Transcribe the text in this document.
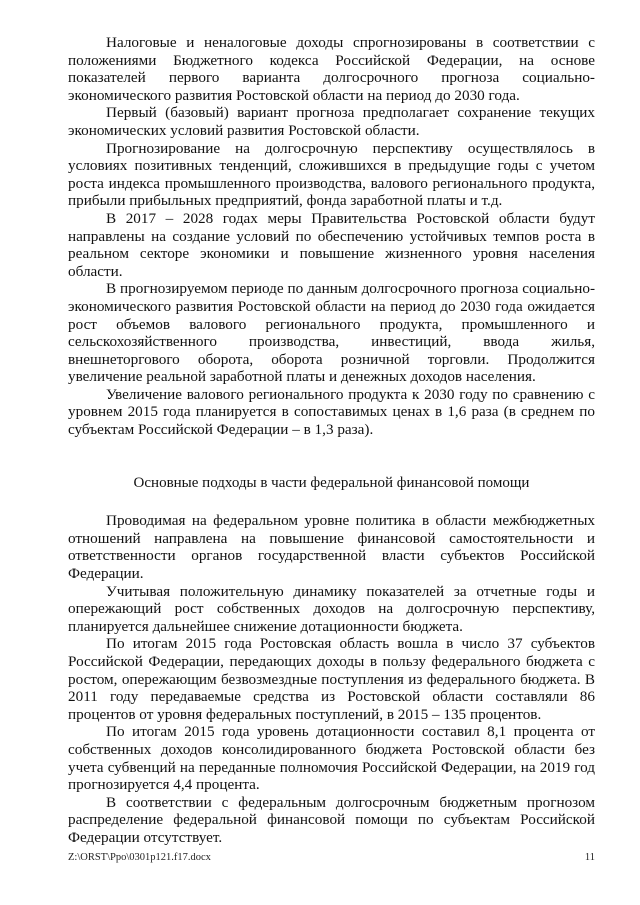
Налоговые и неналоговые доходы спрогнозированы в соответствии с положениями Бюджетного кодекса Российской Федерации, на основе показателей первого варианта долгосрочного прогноза социально-экономического развития Ростовской области на период до 2030 года.

Первый (базовый) вариант прогноза предполагает сохранение текущих экономических условий развития Ростовской области.

Прогнозирование на долгосрочную перспективу осуществлялось в условиях позитивных тенденций, сложившихся в предыдущие годы с учетом роста индекса промышленного производства, валового регионального продукта, прибыли прибыльных предприятий, фонда заработной платы и т.д.

В 2017 – 2028 годах меры Правительства Ростовской области будут направлены на создание условий по обеспечению устойчивых темпов роста в реальном секторе экономики и повышение жизненного уровня населения области.

В прогнозируемом периоде по данным долгосрочного прогноза социально-экономического развития Ростовской области на период до 2030 года ожидается рост объемов валового регионального продукта, промышленного и сельскохозяйственного производства, инвестиций, ввода жилья, внешнеторгового оборота, оборота розничной торговли. Продолжится увеличение реальной заработной платы и денежных доходов населения.

Увеличение валового регионального продукта к 2030 году по сравнению с уровнем 2015 года планируется в сопоставимых ценах в 1,6 раза (в среднем по субъектам Российской Федерации – в 1,3 раза).

Основные подходы в части федеральной финансовой помощи

Проводимая на федеральном уровне политика в области межбюджетных отношений направлена на повышение финансовой самостоятельности и ответственности органов государственной власти субъектов Российской Федерации.

Учитывая положительную динамику показателей за отчетные годы и опережающий рост собственных доходов на долгосрочную перспективу, планируется дальнейшее снижение дотационности бюджета.

По итогам 2015 года Ростовская область вошла в число 37 субъектов Российской Федерации, передающих доходы в пользу федерального бюджета с ростом, опережающим безвозмездные поступления из федерального бюджета. В 2011 году передаваемые средства из Ростовской области составляли 86 процентов от уровня федеральных поступлений, в 2015 – 135 процентов.

По итогам 2015 года уровень дотационности составил 8,1 процента от собственных доходов консолидированного бюджета Ростовской области без учета субвенций на переданные полномочия Российской Федерации, на 2019 год прогнозируется 4,4 процента.

В соответствии с федеральным долгосрочным бюджетным прогнозом распределение федеральной финансовой помощи по субъектам Российской Федерации отсутствует.

Z:\ORST\Ppo\0301p121.f17.docx	11
